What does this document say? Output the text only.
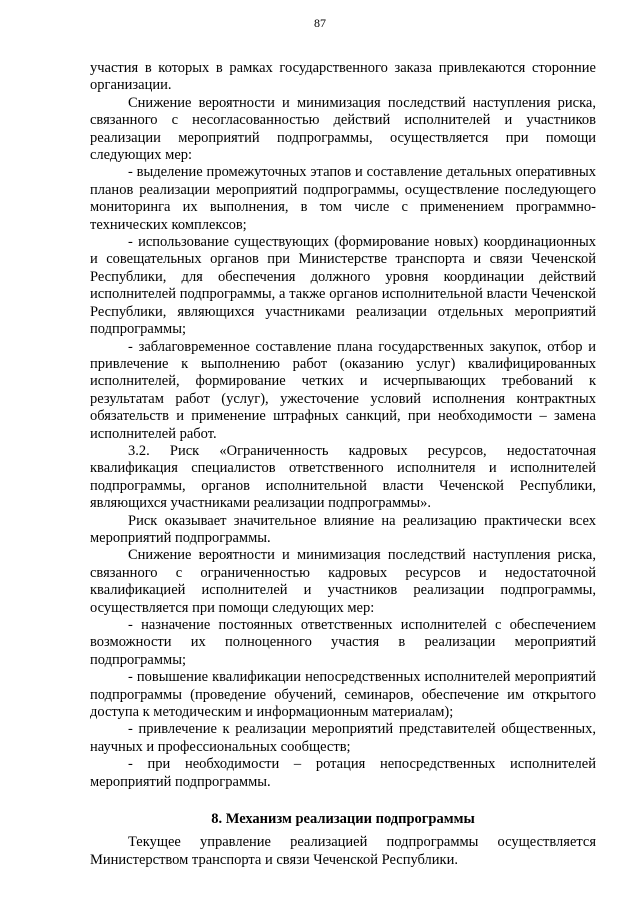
87

участия в которых в рамках государственного заказа привлекаются сторонние организации.

Снижение вероятности и минимизация последствий наступления риска, связанного с несогласованностью действий исполнителей и участников реализации мероприятий подпрограммы, осуществляется при помощи следующих мер:

- выделение промежуточных этапов и составление детальных оперативных планов реализации мероприятий подпрограммы, осуществление последующего мониторинга их выполнения, в том числе с применением программно-технических комплексов;

- использование существующих (формирование новых) координационных и совещательных органов при Министерстве транспорта и связи Чеченской Республики, для обеспечения должного уровня координации действий исполнителей подпрограммы, а также органов исполнительной власти Чеченской Республики, являющихся участниками реализации отдельных мероприятий подпрограммы;

- заблаговременное составление плана государственных закупок, отбор и привлечение к выполнению работ (оказанию услуг) квалифицированных исполнителей, формирование четких и исчерпывающих требований к результатам работ (услуг), ужесточение условий исполнения контрактных обязательств и применение штрафных санкций, при необходимости – замена исполнителей работ.

3.2. Риск «Ограниченность кадровых ресурсов, недостаточная квалификация специалистов ответственного исполнителя и исполнителей подпрограммы, органов исполнительной власти Чеченской Республики, являющихся участниками реализации подпрограммы».

Риск оказывает значительное влияние на реализацию практически всех мероприятий подпрограммы.

Снижение вероятности и минимизация последствий наступления риска, связанного с ограниченностью кадровых ресурсов и недостаточной квалификацией исполнителей и участников реализации подпрограммы, осуществляется при помощи следующих мер:

- назначение постоянных ответственных исполнителей с обеспечением возможности их полноценного участия в реализации мероприятий подпрограммы;

- повышение квалификации непосредственных исполнителей мероприятий подпрограммы (проведение обучений, семинаров, обеспечение им открытого доступа к методическим и информационным материалам);

- привлечение к реализации мероприятий представителей общественных, научных и профессиональных сообществ;

- при необходимости – ротация непосредственных исполнителей мероприятий подпрограммы.

8. Механизм реализации подпрограммы

Текущее управление реализацией подпрограммы осуществляется Министерством транспорта и связи Чеченской Республики.
